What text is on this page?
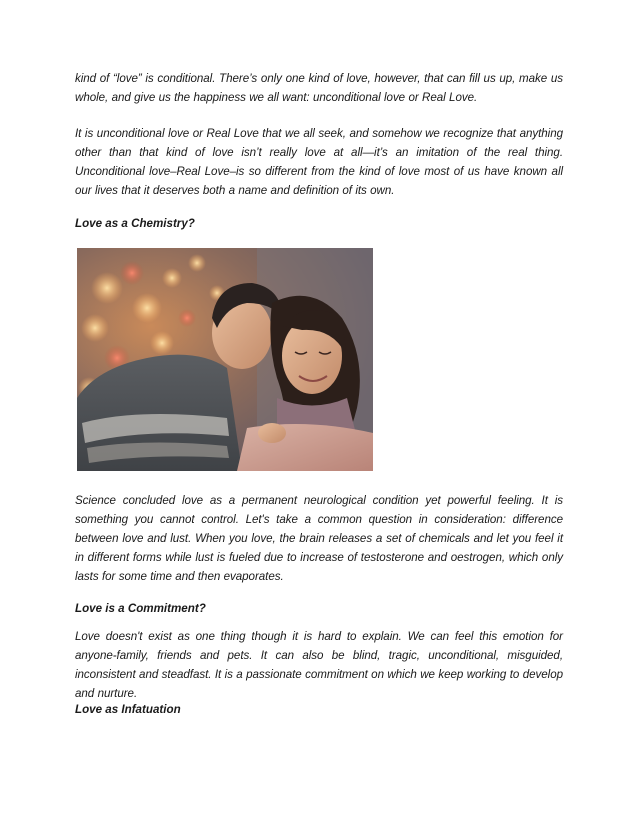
kind of “love” is conditional. There’s only one kind of love, however, that can fill us up, make us whole, and give us the happiness we all want: unconditional love or Real Love.

It is unconditional love or Real Love that we all seek, and somehow we recognize that anything other than that kind of love isn’t really love at all—it’s an imitation of the real thing. Unconditional love–Real Love–is so different from the kind of love most of us have known all our lives that it deserves both a name and definition of its own.

Love as a Chemistry?

Science concluded love as a permanent neurological condition yet powerful feeling. It is something you cannot control. Let's take a common question in consideration: difference between love and lust. When you love, the brain releases a set of chemicals and let you feel it in different forms while lust is fueled due to increase of testosterone and oestrogen, which only lasts for some time and then evaporates.

Love is a Commitment?

Love doesn't exist as one thing though it is hard to explain. We can feel this emotion for anyone-family, friends and pets. It can also be blind, tragic, unconditional, misguided, inconsistent and steadfast. It is a passionate commitment on which we keep working to develop and nurture.

Love as Infatuation
